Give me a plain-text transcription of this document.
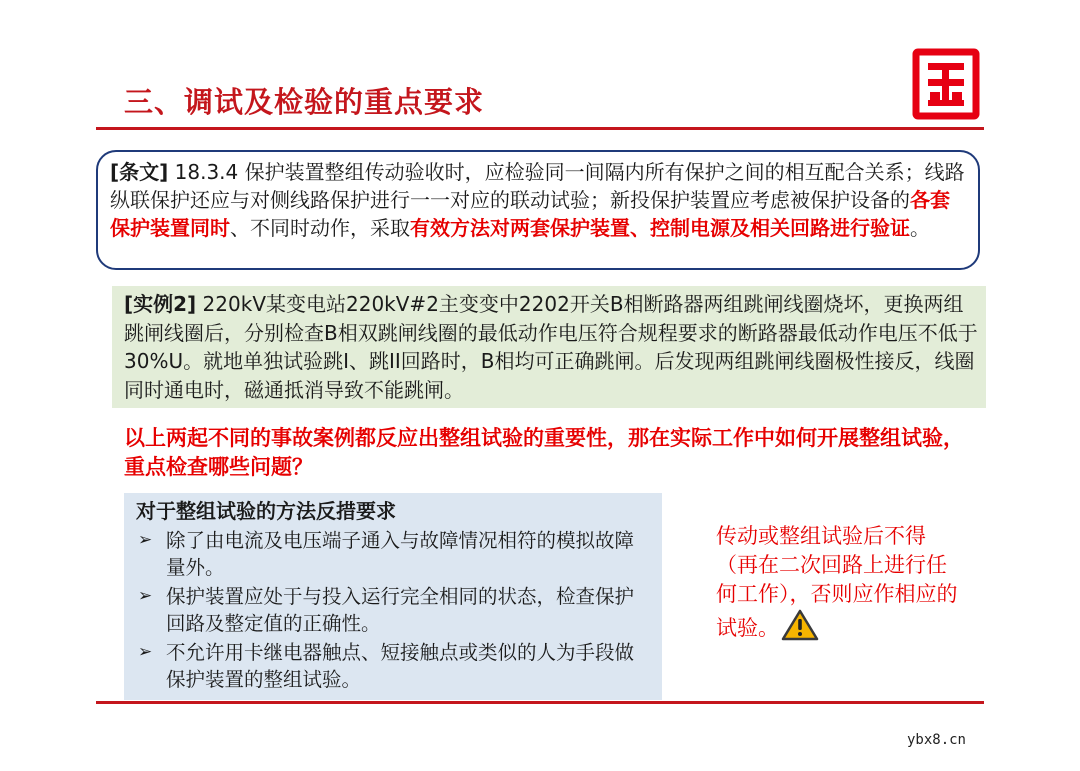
三、调试及检验的重点要求
[条文] 18.3.4 保护装置整组传动验收时，应检验同一间隔内所有保护之间的相互配合关系；线路纵联保护还应与对侧线路保护进行一一对应的联动试验；新投保护装置应考虑被保护设备的各套保护装置同时、不同时动作，采取有效方法对两套保护装置、控制电源及相关回路进行验证。
[实例2] 220kV某变电站220kV#2主变变中2202开关B相断路器两组跳闸线圈烧坏，更换两组跳闸线圈后，分别检查B相双跳闸线圈的最低动作电压符合规程要求的断路器最低动作电压不低于30%U。就地单独试验跳I、跳II回路时，B相均可正确跳闸。后发现两组跳闸线圈极性接反，线圈同时通电时，磁通抵消导致不能跳闸。
以上两起不同的事故案例都反应出整组试验的重要性，那在实际工作中如何开展整组试验，重点检查哪些问题？
对于整组试验的方法反措要求
➢ 除了由电流及电压端子通入与故障情况相符的模拟故障量外。
➢ 保护装置应处于与投入运行完全相同的状态，检查保护回路及整定值的正确性。
➢ 不允许用卡继电器触点、短接触点或类似的人为手段做保护装置的整组试验。
传动或整组试验后不得（再在二次回路上进行任何工作），否则应作相应的试验。
ybx8.cn
